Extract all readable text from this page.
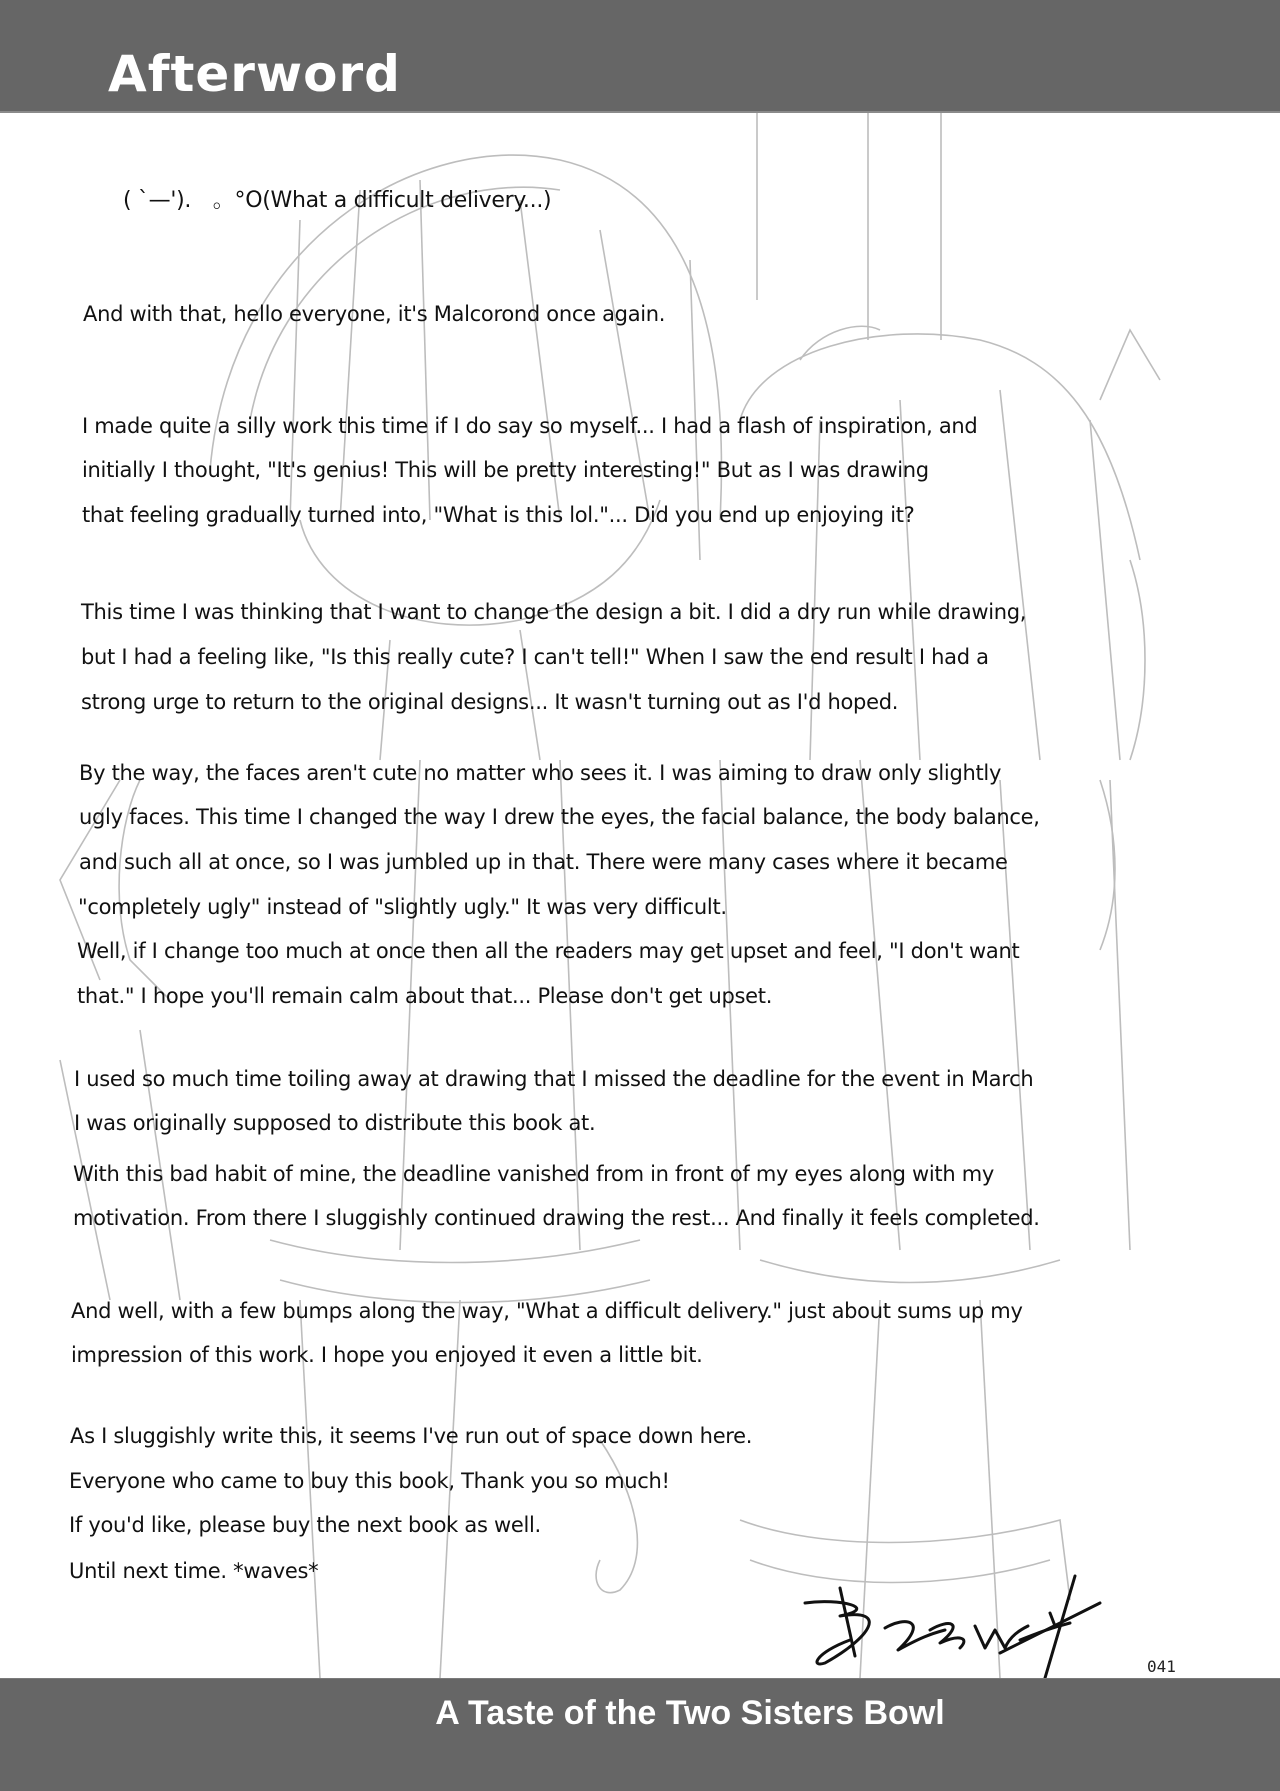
Afterword
( `—').　。°O(What a difficult delivery...)
And with that, hello everyone, it's Malcorond once again.
I made quite a silly work this time if I do say so myself... I had a flash of inspiration, and
initially I thought, "It's genius! This will be pretty interesting!" But as I was drawing
that feeling gradually turned into, "What is this lol."... Did you end up enjoying it?
This time I was thinking that I want to change the design a bit. I did a dry run while drawing,
but I had a feeling like, "Is this really cute? I can't tell!" When I saw the end result I had a
strong urge to return to the original designs... It wasn't turning out as I'd hoped.
By the way, the faces aren't cute no matter who sees it. I was aiming to draw only slightly
ugly faces. This time I changed the way I drew the eyes, the facial balance, the body balance,
and such all at once, so I was jumbled up in that. There were many cases where it became
"completely ugly" instead of "slightly ugly." It was very difficult.
Well, if I change too much at once then all the readers may get upset and feel, "I don't want
that." I hope you'll remain calm about that... Please don't get upset.
I used so much time toiling away at drawing that I missed the deadline for the event in March
I was originally supposed to distribute this book at.
With this bad habit of mine, the deadline vanished from in front of my eyes along with my
motivation. From there I sluggishly continued drawing the rest... And finally it feels completed.
And well, with a few bumps along the way, "What a difficult delivery." just about sums up my
impression of this work. I hope you enjoyed it even a little bit.
As I sluggishly write this, it seems I've run out of space down here.
Everyone who came to buy this book, Thank you so much!
If you'd like, please buy the next book as well.
Until next time. *waves*
041
A Taste of the Two Sisters Bowl
